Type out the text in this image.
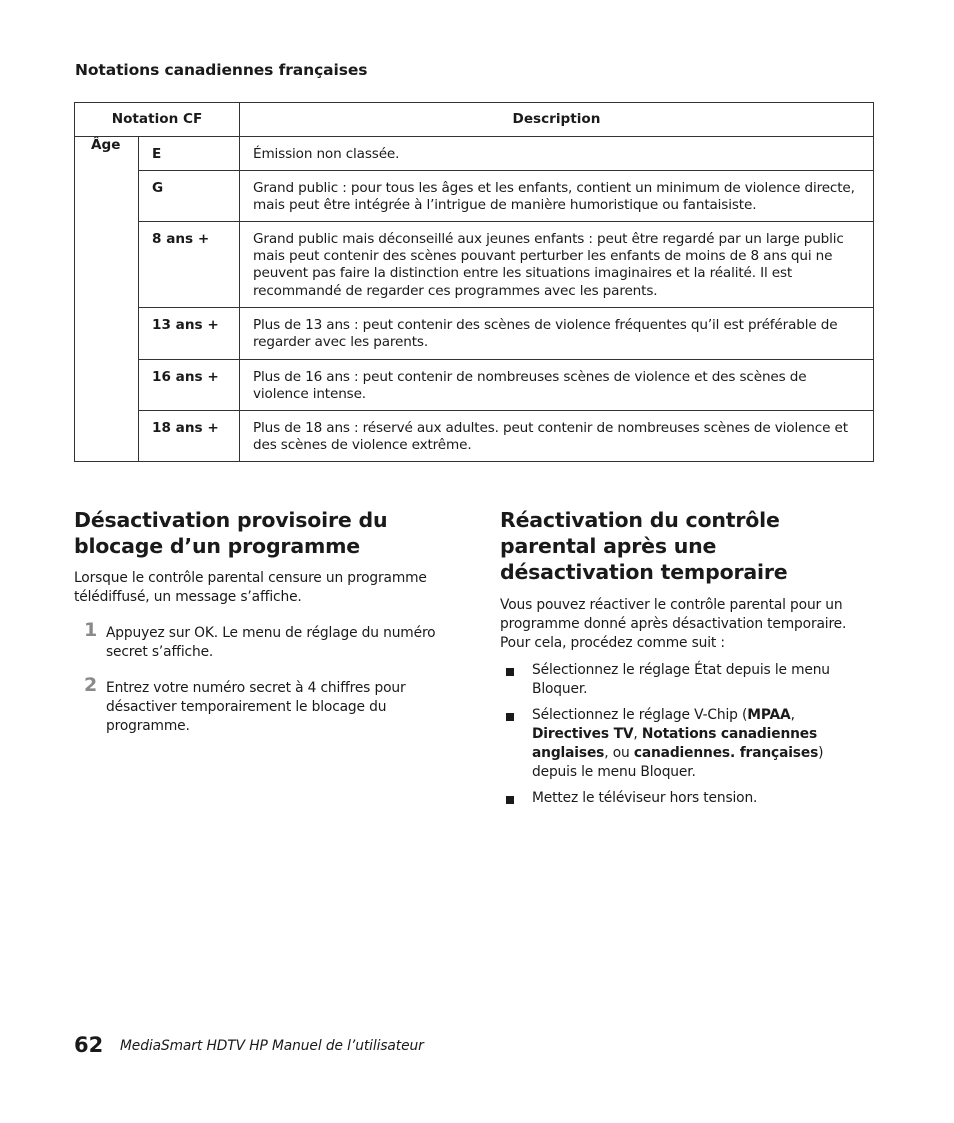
Notations canadiennes françaises
Notation CF		Description
Âge	E	Émission non classée.
	G	Grand public : pour tous les âges et les enfants, contient un minimum de violence directe, mais peut être intégrée à l’intrigue de manière humoristique ou fantaisiste.
	8 ans +	Grand public mais déconseillé aux jeunes enfants : peut être regardé par un large public mais peut contenir des scènes pouvant perturber les enfants de moins de 8 ans qui ne peuvent pas faire la distinction entre les situations imaginaires et la réalité. Il est recommandé de regarder ces programmes avec les parents.
	13 ans +	Plus de 13 ans : peut contenir des scènes de violence fréquentes qu’il est préférable de regarder avec les parents.
	16 ans +	Plus de 16 ans : peut contenir de nombreuses scènes de violence et des scènes de violence intense.
	18 ans +	Plus de 18 ans : réservé aux adultes. peut contenir de nombreuses scènes de violence et des scènes de violence extrême.
Désactivation provisoire du blocage d’un programme
Lorsque le contrôle parental censure un programme télédiffusé, un message s’affiche.
1 Appuyez sur OK. Le menu de réglage du numéro secret s’affiche.
2 Entrez votre numéro secret à 4 chiffres pour désactiver temporairement le blocage du programme.
Réactivation du contrôle parental après une désactivation temporaire
Vous pouvez réactiver le contrôle parental pour un programme donné après désactivation temporaire. Pour cela, procédez comme suit :
Sélectionnez le réglage État depuis le menu Bloquer.
Sélectionnez le réglage V-Chip (MPAA, Directives TV, Notations canadiennes anglaises, ou canadiennes. françaises) depuis le menu Bloquer.
Mettez le téléviseur hors tension.
62 MediaSmart HDTV HP Manuel de l’utilisateur
